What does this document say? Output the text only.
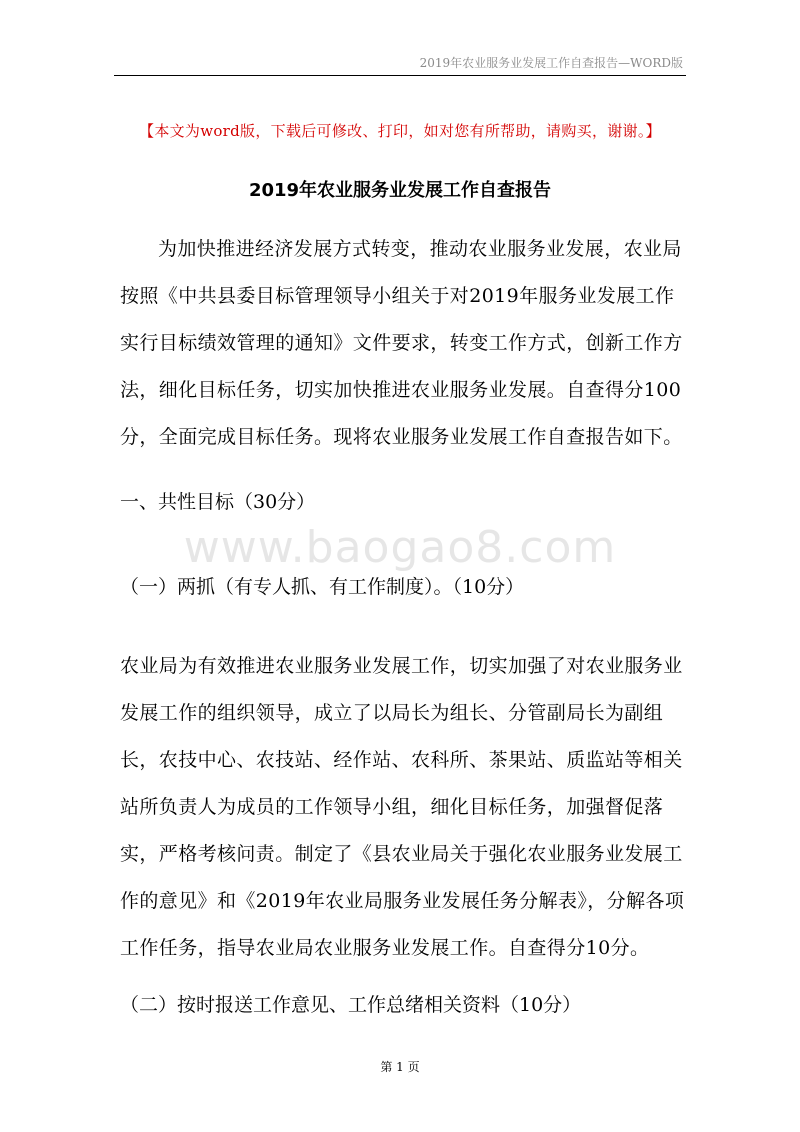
2019年农业服务业发展工作自查报告—WORD版
www.baogao8.com
【本文为word版，下载后可修改、打印，如对您有所帮助，请购买，谢谢。】
2019年农业服务业发展工作自查报告
为加快推进经济发展方式转变，推动农业服务业发展，农业局按照《中共县委目标管理领导小组关于对2019年服务业发展工作实行目标绩效管理的通知》文件要求，转变工作方式，创新工作方法，细化目标任务，切实加快推进农业服务业发展。自查得分100分，全面完成目标任务。现将农业服务业发展工作自查报告如下。
一、共性目标（30分）
（一）两抓（有专人抓、有工作制度）。（10分）
农业局为有效推进农业服务业发展工作，切实加强了对农业服务业发展工作的组织领导，成立了以局长为组长、分管副局长为副组长，农技中心、农技站、经作站、农科所、茶果站、质监站等相关站所负责人为成员的工作领导小组，细化目标任务，加强督促落实，严格考核问责。制定了《县农业局关于强化农业服务业发展工作的意见》和《2019年农业局服务业发展任务分解表》，分解各项工作任务，指导农业局农业服务业发展工作。自查得分10分。
（二）按时报送工作意见、工作总绪相关资料（10分）
第 1 页
